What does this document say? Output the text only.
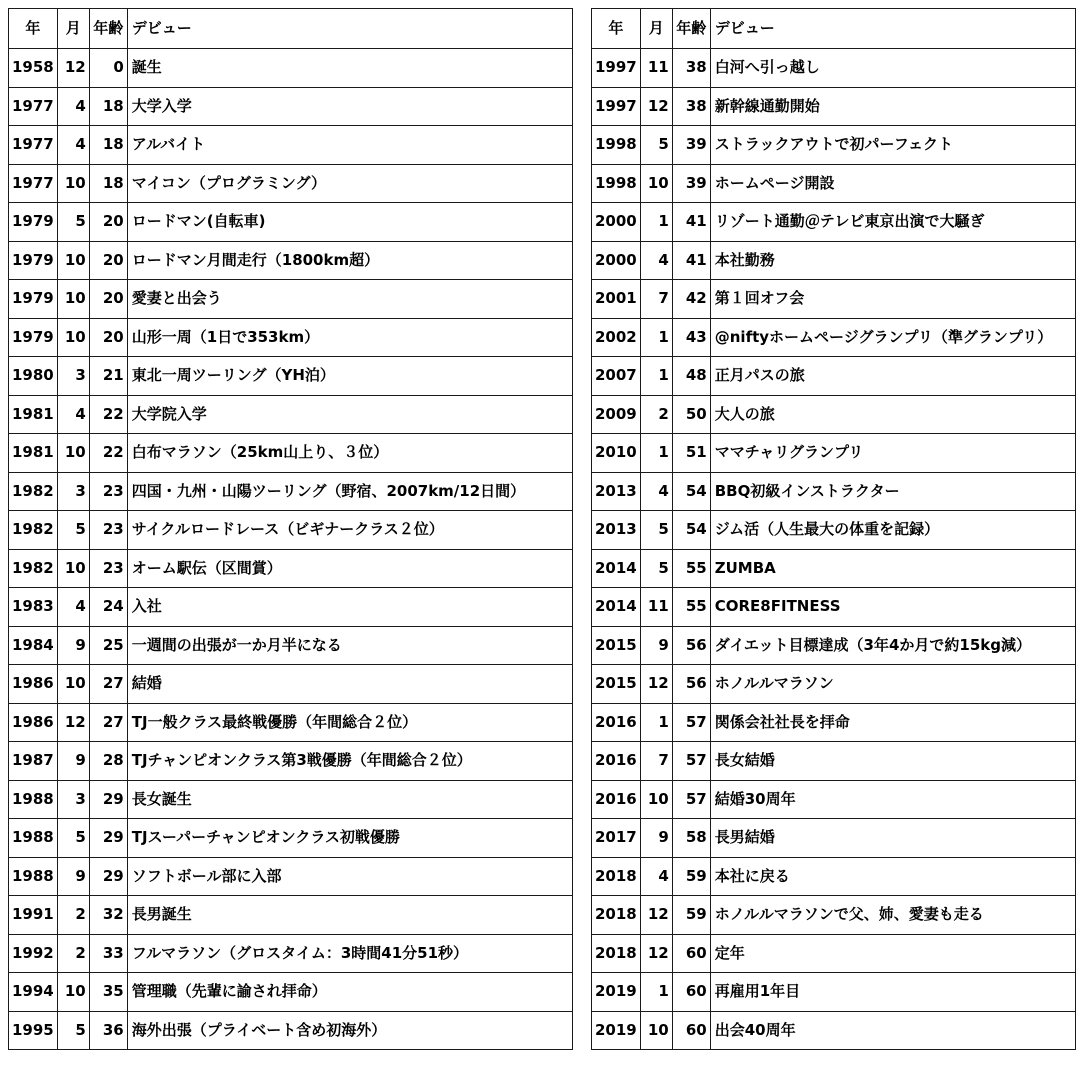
年	月	年齢	デビュー
1958	12	0	誕生
1977	4	18	大学入学
1977	4	18	アルバイト
1977	10	18	マイコン（プログラミング）
1979	5	20	ロードマン(自転車)
1979	10	20	ロードマン月間走行（1800km超）
1979	10	20	愛妻と出会う
1979	10	20	山形一周（1日で353km）
1980	3	21	東北一周ツーリング（YH泊）
1981	4	22	大学院入学
1981	10	22	白布マラソン（25km山上り、３位）
1982	3	23	四国・九州・山陽ツーリング（野宿、2007km/12日間）
1982	5	23	サイクルロードレース（ビギナークラス２位）
1982	10	23	オーム駅伝（区間賞）
1983	4	24	入社
1984	9	25	一週間の出張が一か月半になる
1986	10	27	結婚
1986	12	27	TJ一般クラス最終戦優勝（年間総合２位）
1987	9	28	TJチャンピオンクラス第3戦優勝（年間総合２位）
1988	3	29	長女誕生
1988	5	29	TJスーパーチャンピオンクラス初戦優勝
1988	9	29	ソフトボール部に入部
1991	2	32	長男誕生
1992	2	33	フルマラソン（グロスタイム：3時間41分51秒）
1994	10	35	管理職（先輩に諭され拝命）
1995	5	36	海外出張（プライベート含め初海外）
年	月	年齢	デビュー
1997	11	38	白河へ引っ越し
1997	12	38	新幹線通勤開始
1998	5	39	ストラックアウトで初パーフェクト
1998	10	39	ホームページ開設
2000	1	41	リゾート通勤＠テレビ東京出演で大騒ぎ
2000	4	41	本社勤務
2001	7	42	第１回オフ会
2002	1	43	@niftyホームページグランプリ（準グランプリ）
2007	1	48	正月パスの旅
2009	2	50	大人の旅
2010	1	51	ママチャリグランプリ
2013	4	54	BBQ初級インストラクター
2013	5	54	ジム活（人生最大の体重を記録）
2014	5	55	ZUMBA
2014	11	55	CORE8FITNESS
2015	9	56	ダイエット目標達成（3年4か月で約15kg減）
2015	12	56	ホノルルマラソン
2016	1	57	関係会社社長を拝命
2016	7	57	長女結婚
2016	10	57	結婚30周年
2017	9	58	長男結婚
2018	4	59	本社に戻る
2018	12	59	ホノルルマラソンで父、姉、愛妻も走る
2018	12	60	定年
2019	1	60	再雇用1年目
2019	10	60	出会40周年
